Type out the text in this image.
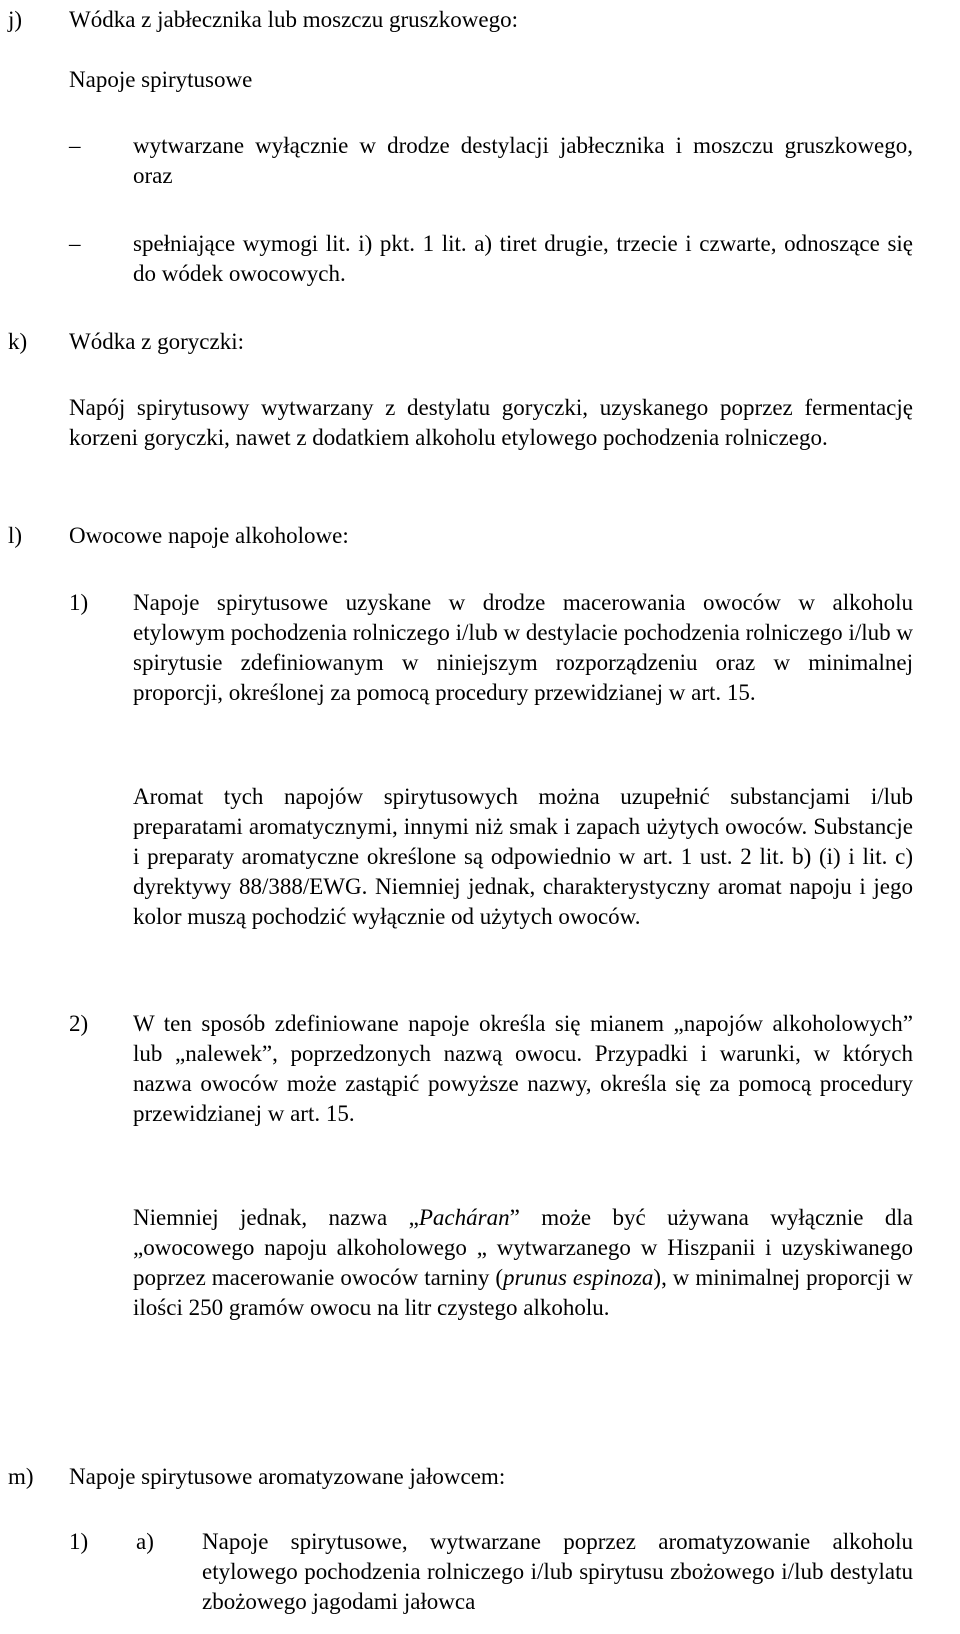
j) Wódka z jabłecznika lub moszczu gruszkowego:
Napoje spirytusowe
– wytwarzane wyłącznie w drodze destylacji jabłecznika i moszczu gruszkowego, oraz

– spełniające wymogi lit. i) pkt. 1 lit. a) tiret drugie, trzecie i czwarte, odnoszące się do wódek owocowych.

k) Wódka z goryczki:

Napój spirytusowy wytwarzany z destylatu goryczki, uzyskanego poprzez fermentację korzeni goryczki, nawet z dodatkiem alkoholu etylowego pochodzenia rolniczego.

l) Owocowe napoje alkoholowe:
1) Napoje spirytusowe uzyskane w drodze macerowania owoców w alkoholu etylowym pochodzenia rolniczego i/lub w destylacie pochodzenia rolniczego i/lub w spirytusie zdefiniowanym w niniejszym rozporządzeniu oraz w minimalnej proporcji, określonej za pomocą procedury przewidzianej w art. 15.

Aromat tych napojów spirytusowych można uzupełnić substancjami i/lub preparatami aromatycznymi, innymi niż smak i zapach użytych owoców. Substancje i preparaty aromatyczne określone są odpowiednio w art. 1 ust. 2 lit. b) (i) i lit. c) dyrektywy 88/388/EWG. Niemniej jednak, charakterystyczny aromat napoju i jego kolor muszą pochodzić wyłącznie od użytych owoców.

2) W ten sposób zdefiniowane napoje określa się mianem „napojów alkoholowych” lub „nalewek”, poprzedzonych nazwą owocu. Przypadki i warunki, w których nazwa owoców może zastąpić powyższe nazwy, określa się za pomocą procedury przewidzianej w art. 15.

Niemniej jednak, nazwa „Pacháran” może być używana wyłącznie dla „owocowego napoju alkoholowego „ wytwarzanego w Hiszpanii i uzyskiwanego poprzez macerowanie owoców tarniny (prunus espinoza), w minimalnej proporcji w ilości 250 gramów owocu na litr czystego alkoholu.

m) Napoje spirytusowe aromatyzowane jałowcem:
1) a) Napoje spirytusowe, wytwarzane poprzez aromatyzowanie alkoholu etylowego pochodzenia rolniczego i/lub spirytusu zbożowego i/lub destylatu zbożowego jagodami jałowca
